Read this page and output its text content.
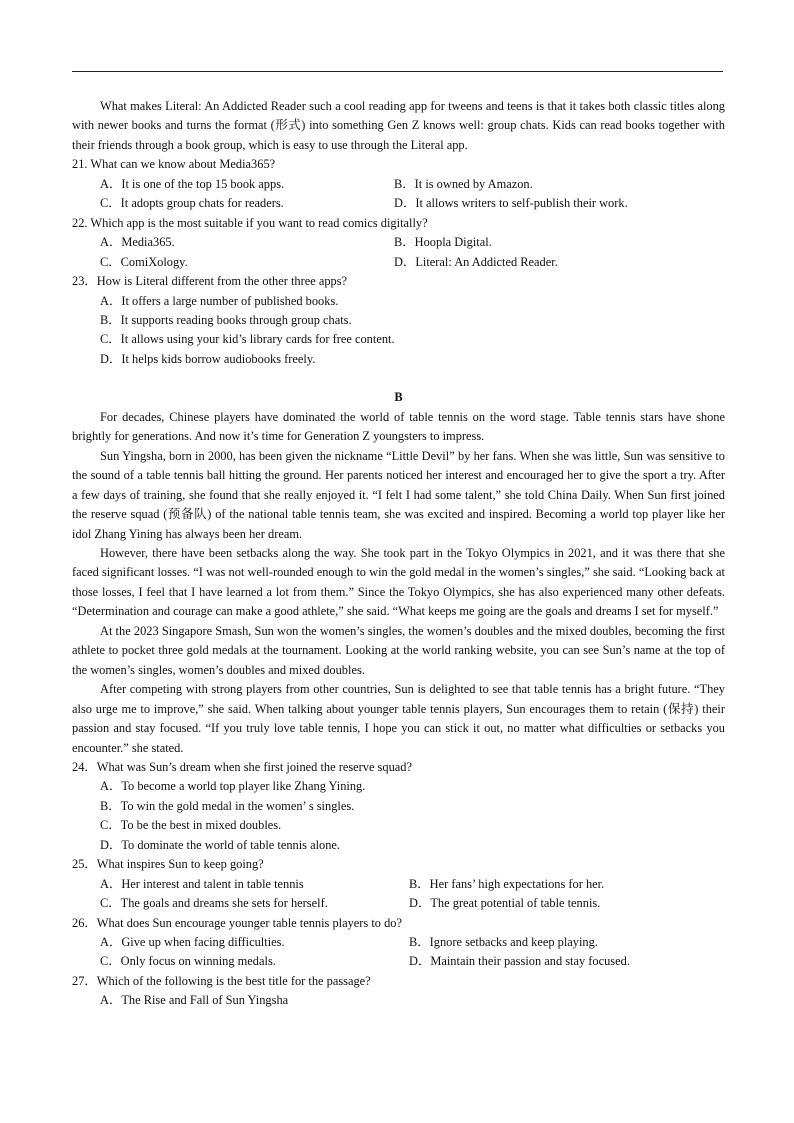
What makes Literal: An Addicted Reader such a cool reading app for tweens and teens is that it takes both classic titles along with newer books and turns the format (形式) into something Gen Z knows well: group chats. Kids can read books together with their friends through a book group, which is easy to use through the Literal app.

21. What can we know about Media365?
A．It is one of the top 15 book apps.	B．It is owned by Amazon.
C．It adopts group chats for readers.	D．It allows writers to self-publish their work.
22. Which app is the most suitable if you want to read comics digitally?
A．Media365.	B．Hoopla Digital.
C．ComiXology.	D．Literal: An Addicted Reader.
23．How is Literal different from the other three apps?
A．It offers a large number of published books.
B．It supports reading books through group chats.
C．It allows using your kid’s library cards for free content.
D．It helps kids borrow audiobooks freely.
B

For decades, Chinese players have dominated the world of table tennis on the word stage. Table tennis stars have shone brightly for generations. And now it’s time for Generation Z youngsters to impress.

Sun Yingsha, born in 2000, has been given the nickname “Little Devil” by her fans. When she was little, Sun was sensitive to the sound of a table tennis ball hitting the ground. Her parents noticed her interest and encouraged her to give the sport a try. After a few days of training, she found that she really enjoyed it. “I felt I had some talent,” she told China Daily. When Sun first joined the reserve squad (预备队) of the national table tennis team, she was excited and inspired. Becoming a world top player like her idol Zhang Yining has always been her dream.

However, there have been setbacks along the way. She took part in the Tokyo Olympics in 2021, and it was there that she faced significant losses. “I was not well-rounded enough to win the gold medal in the women’s singles,” she said. “Looking back at those losses, I feel that I have learned a lot from them.” Since the Tokyo Olympics, she has also experienced many other defeats. “Determination and courage can make a good athlete,” she said. “What keeps me going are the goals and dreams I set for myself.”

At the 2023 Singapore Smash, Sun won the women’s singles, the women’s doubles and the mixed doubles, becoming the first athlete to pocket three gold medals at the tournament. Looking at the world ranking website, you can see Sun’s name at the top of the women’s singles, women’s doubles and mixed doubles.

After competing with strong players from other countries, Sun is delighted to see that table tennis has a bright future. “They also urge me to improve,” she said. When talking about younger table tennis players, Sun encourages them to retain (保持) their passion and stay focused. “If you truly love table tennis, I hope you can stick it out, no matter what difficulties or setbacks you encounter.” she stated.

24．What was Sun’s dream when she first joined the reserve squad?
A．To become a world top player like Zhang Yining.
B．To win the gold medal in the women’ s singles.
C．To be the best in mixed doubles.
D．To dominate the world of table tennis alone.
25．What inspires Sun to keep going?
A．Her interest and talent in table tennis	B．Her fans’ high expectations for her.
C．The goals and dreams she sets for herself.	D．The great potential of table tennis.
26．What does Sun encourage younger table tennis players to do?
A．Give up when facing difficulties.	B．Ignore setbacks and keep playing.
C．Only focus on winning medals.	D．Maintain their passion and stay focused.
27．Which of the following is the best title for the passage?
A．The Rise and Fall of Sun Yingsha
